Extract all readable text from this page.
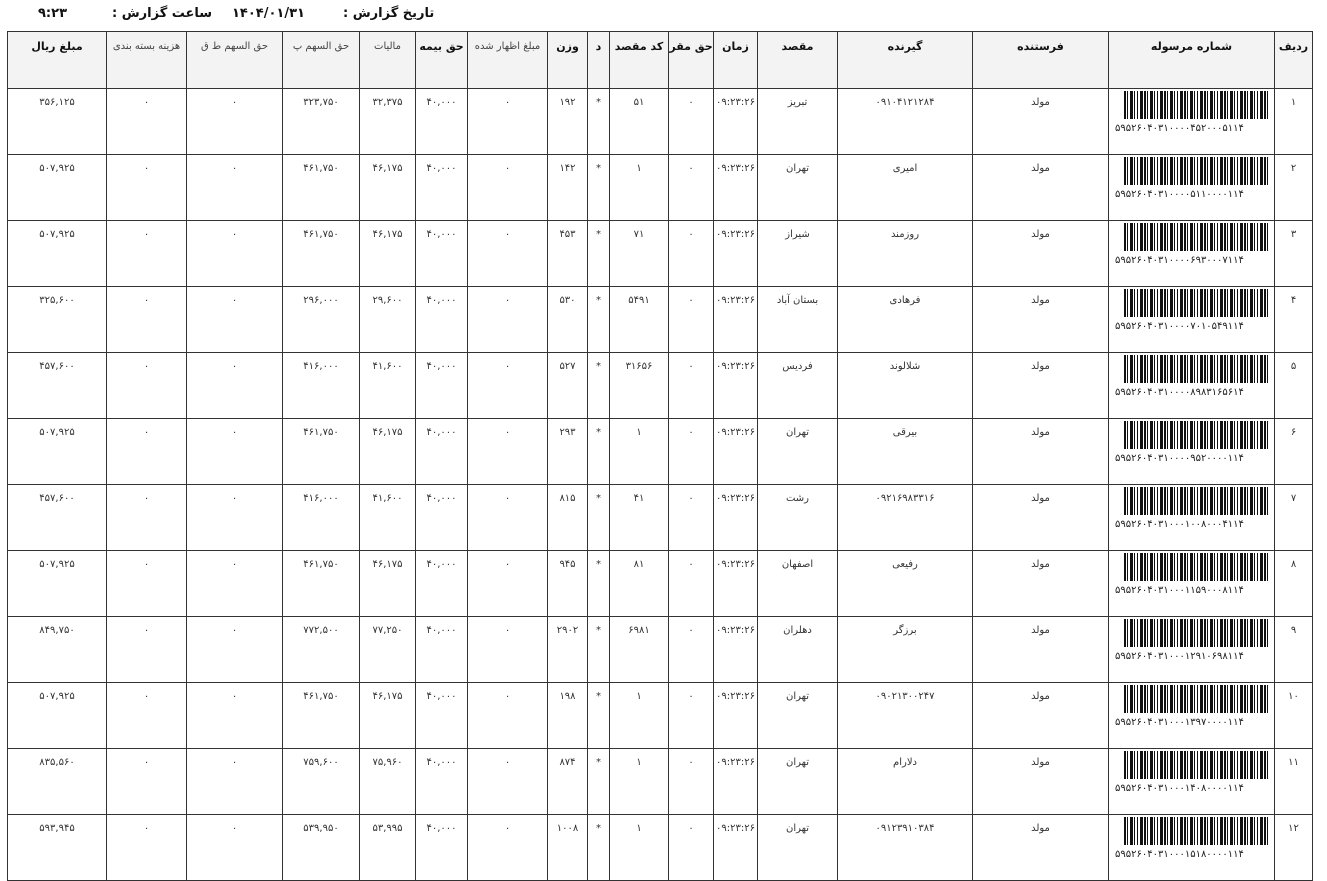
تاریخ گزارش :
۱۴۰۴/۰۱/۳۱
ساعت گزارش :
۹:۲۳
ردیف	شماره مرسوله	فرستنده	گیرنده	مقصد	زمان	حق مقر	کد مقصد	د	وزن	مبلغ اظهار شده	حق بیمه	مالیات	حق السهم پ	حق السهم ط ق	هزینه بسته بندی	مبلغ ریال
۱	۵۹۵۲۶۰۴۰۳۱۰۰۰۰۴۵۲۰۰۰۵۱۱۴	مولد	۰۹۱۰۴۱۲۱۲۸۴	تبریز	۰۹:۲۳:۲۶	۰	۵۱	*	۱۹۲	۰	۴۰,۰۰۰	۳۲,۳۷۵	۳۲۳,۷۵۰	۰	۰	۳۵۶,۱۲۵
۲	۵۹۵۲۶۰۴۰۳۱۰۰۰۰۵۱۱۰۰۰۰۱۱۴	مولد	امیری	تهران	۰۹:۲۳:۲۶	۰	۱	*	۱۴۲	۰	۴۰,۰۰۰	۴۶,۱۷۵	۴۶۱,۷۵۰	۰	۰	۵۰۷,۹۲۵
۳	۵۹۵۲۶۰۴۰۳۱۰۰۰۰۶۹۳۰۰۰۷۱۱۴	مولد	روزمند	شیراز	۰۹:۲۳:۲۶	۰	۷۱	*	۴۵۳	۰	۴۰,۰۰۰	۴۶,۱۷۵	۴۶۱,۷۵۰	۰	۰	۵۰۷,۹۲۵
۴	۵۹۵۲۶۰۴۰۳۱۰۰۰۰۷۰۱۰۵۴۹۱۱۴	مولد	فرهادی	بستان آباد	۰۹:۲۳:۲۶	۰	۵۴۹۱	*	۵۳۰	۰	۴۰,۰۰۰	۲۹,۶۰۰	۲۹۶,۰۰۰	۰	۰	۳۲۵,۶۰۰
۵	۵۹۵۲۶۰۴۰۳۱۰۰۰۰۸۹۸۳۱۶۵۶۱۴	مولد	شلالوند	فردیس	۰۹:۲۳:۲۶	۰	۳۱۶۵۶	*	۵۲۷	۰	۴۰,۰۰۰	۴۱,۶۰۰	۴۱۶,۰۰۰	۰	۰	۴۵۷,۶۰۰
۶	۵۹۵۲۶۰۴۰۳۱۰۰۰۰۹۵۲۰۰۰۰۱۱۴	مولد	بیرقی	تهران	۰۹:۲۳:۲۶	۰	۱	*	۲۹۳	۰	۴۰,۰۰۰	۴۶,۱۷۵	۴۶۱,۷۵۰	۰	۰	۵۰۷,۹۲۵
۷	۵۹۵۲۶۰۴۰۳۱۰۰۰۱۰۰۸۰۰۰۴۱۱۴	مولد	۰۹۲۱۶۹۸۳۳۱۶	رشت	۰۹:۲۳:۲۶	۰	۴۱	*	۸۱۵	۰	۴۰,۰۰۰	۴۱,۶۰۰	۴۱۶,۰۰۰	۰	۰	۴۵۷,۶۰۰
۸	۵۹۵۲۶۰۴۰۳۱۰۰۰۱۱۵۹۰۰۰۸۱۱۴	مولد	رفیعی	اصفهان	۰۹:۲۳:۲۶	۰	۸۱	*	۹۴۵	۰	۴۰,۰۰۰	۴۶,۱۷۵	۴۶۱,۷۵۰	۰	۰	۵۰۷,۹۲۵
۹	۵۹۵۲۶۰۴۰۳۱۰۰۰۱۲۹۱۰۶۹۸۱۱۴	مولد	برزگر	دهلران	۰۹:۲۳:۲۶	۰	۶۹۸۱	*	۲۹۰۲	۰	۴۰,۰۰۰	۷۷,۲۵۰	۷۷۲,۵۰۰	۰	۰	۸۴۹,۷۵۰
۱۰	۵۹۵۲۶۰۴۰۳۱۰۰۰۱۳۹۷۰۰۰۰۱۱۴	مولد	۰۹۰۲۱۳۰۰۲۴۷	تهران	۰۹:۲۳:۲۶	۰	۱	*	۱۹۸	۰	۴۰,۰۰۰	۴۶,۱۷۵	۴۶۱,۷۵۰	۰	۰	۵۰۷,۹۲۵
۱۱	۵۹۵۲۶۰۴۰۳۱۰۰۰۱۴۰۸۰۰۰۰۱۱۴	مولد	دلارام	تهران	۰۹:۲۳:۲۶	۰	۱	*	۸۷۴	۰	۴۰,۰۰۰	۷۵,۹۶۰	۷۵۹,۶۰۰	۰	۰	۸۳۵,۵۶۰
۱۲	۵۹۵۲۶۰۴۰۳۱۰۰۰۱۵۱۸۰۰۰۰۱۱۴	مولد	۰۹۱۲۳۹۱۰۳۸۴	تهران	۰۹:۲۳:۲۶	۰	۱	*	۱۰۰۸	۰	۴۰,۰۰۰	۵۳,۹۹۵	۵۳۹,۹۵۰	۰	۰	۵۹۳,۹۴۵
